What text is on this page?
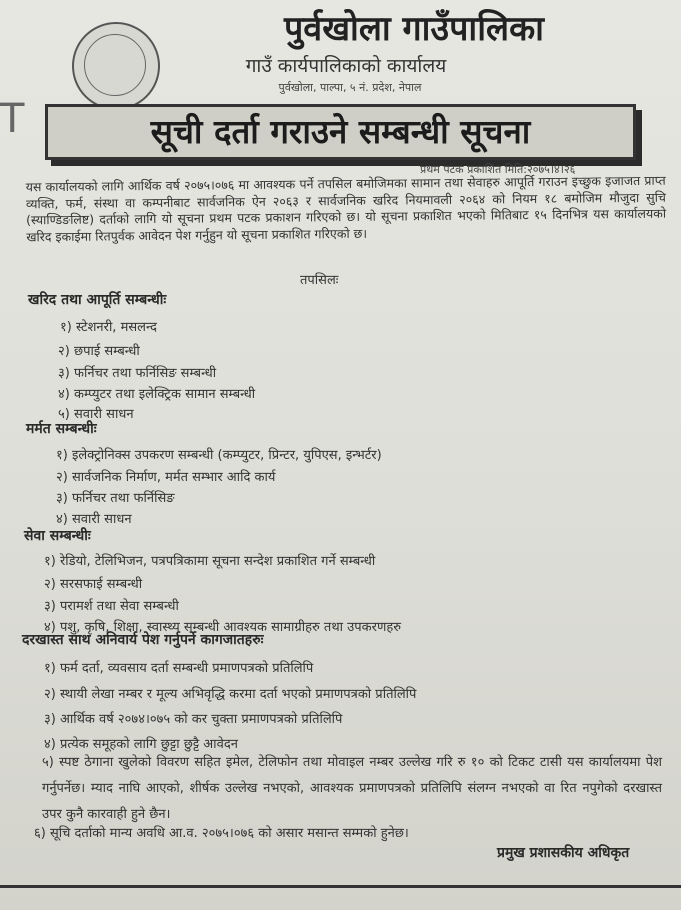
T
पुर्वखोला गाउँपालिका
गाउँ कार्यपालिकाको कार्यालय
पुर्वखोला, पाल्पा, ५ नं. प्रदेश, नेपाल
सूची दर्ता गराउने सम्बन्धी सूचना
प्रथम पटक प्रकाशित मिति:२०७५।४।२६
यस कार्यालयको लागि आर्थिक वर्ष २०७५।०७६ मा आवश्यक पर्ने तपसिल बमोजिमका सामान तथा सेवाहरु आपूर्ति गराउन इच्छुक इजाजत प्राप्त व्यक्ति, फर्म, संस्था वा कम्पनीबाट सार्वजनिक ऐन २०६३ र सार्वजनिक खरिद नियमावली २०६४ को नियम १८ बमोजिम मौजुदा सुचि (स्याण्डिङलिष्ट) दर्ताको लागि यो सूचना प्रथम पटक प्रकाशन गरिएको छ। यो सूचना प्रकाशित भएको मितिबाट १५ दिनभित्र यस कार्यालयको खरिद इकाईमा रितपुर्वक आवेदन पेश गर्नुहुन यो सूचना प्रकाशित गरिएको छ।
तपसिलः
खरिद तथा आपूर्ति सम्बन्धीः
१) स्टेशनरी, मसलन्द
२) छपाई सम्बन्धी
३) फर्निचर तथा फर्निसिङ सम्बन्धी
४) कम्प्युटर तथा इलेक्ट्रिक सामान सम्बन्धी
५) सवारी साधन
मर्मत सम्बन्धीः
१) इलेक्ट्रोनिक्स उपकरण सम्बन्धी (कम्प्युटर, प्रिन्टर, युपिएस, इन्भर्टर)
२) सार्वजनिक निर्माण, मर्मत सम्भार आदि कार्य
३) फर्निचर तथा फर्निसिङ
४) सवारी साधन
सेवा सम्बन्धीः
१) रेडियो, टेलिभिजन, पत्रपत्रिकामा सूचना सन्देश प्रकाशित गर्ने सम्बन्धी
२) सरसफाई सम्बन्धी
३) परामर्श तथा सेवा सम्बन्धी
४) पशु, कृषि, शिक्षा, स्वास्थ्य सम्बन्धी आवश्यक सामाग्रीहरु तथा उपकरणहरु
दरखास्त साथ अनिवार्य पेश गर्नुपर्ने कागजातहरुः
१) फर्म दर्ता, व्यवसाय दर्ता सम्बन्धी प्रमाणपत्रको प्रतिलिपि
२) स्थायी लेखा नम्बर र मूल्य अभिवृद्धि करमा दर्ता भएको प्रमाणपत्रको प्रतिलिपि
३) आर्थिक वर्ष २०७४।०७५ को कर चुक्ता प्रमाणपत्रको प्रतिलिपि
४) प्रत्येक समूहको लागि छुट्टा छुट्टै आवेदन
५) स्पष्ट ठेगाना खुलेको विवरण सहित इमेल, टेलिफोन तथा मोवाइल नम्बर उल्लेख गरि रु १० को टिकट टासी यस कार्यालयमा पेश गर्नुपर्नेछ। म्याद नाघि आएको, शीर्षक उल्लेख नभएको, आवश्यक प्रमाणपत्रको प्रतिलिपि संलग्न नभएको वा रित नपुगेको दरखास्त उपर कुनै कारवाही हुने छैन।
६) सूचि दर्ताको मान्य अवधि आ.व. २०७५।०७६ को असार मसान्त सम्मको हुनेछ।
प्रमुख प्रशासकीय अधिकृत
